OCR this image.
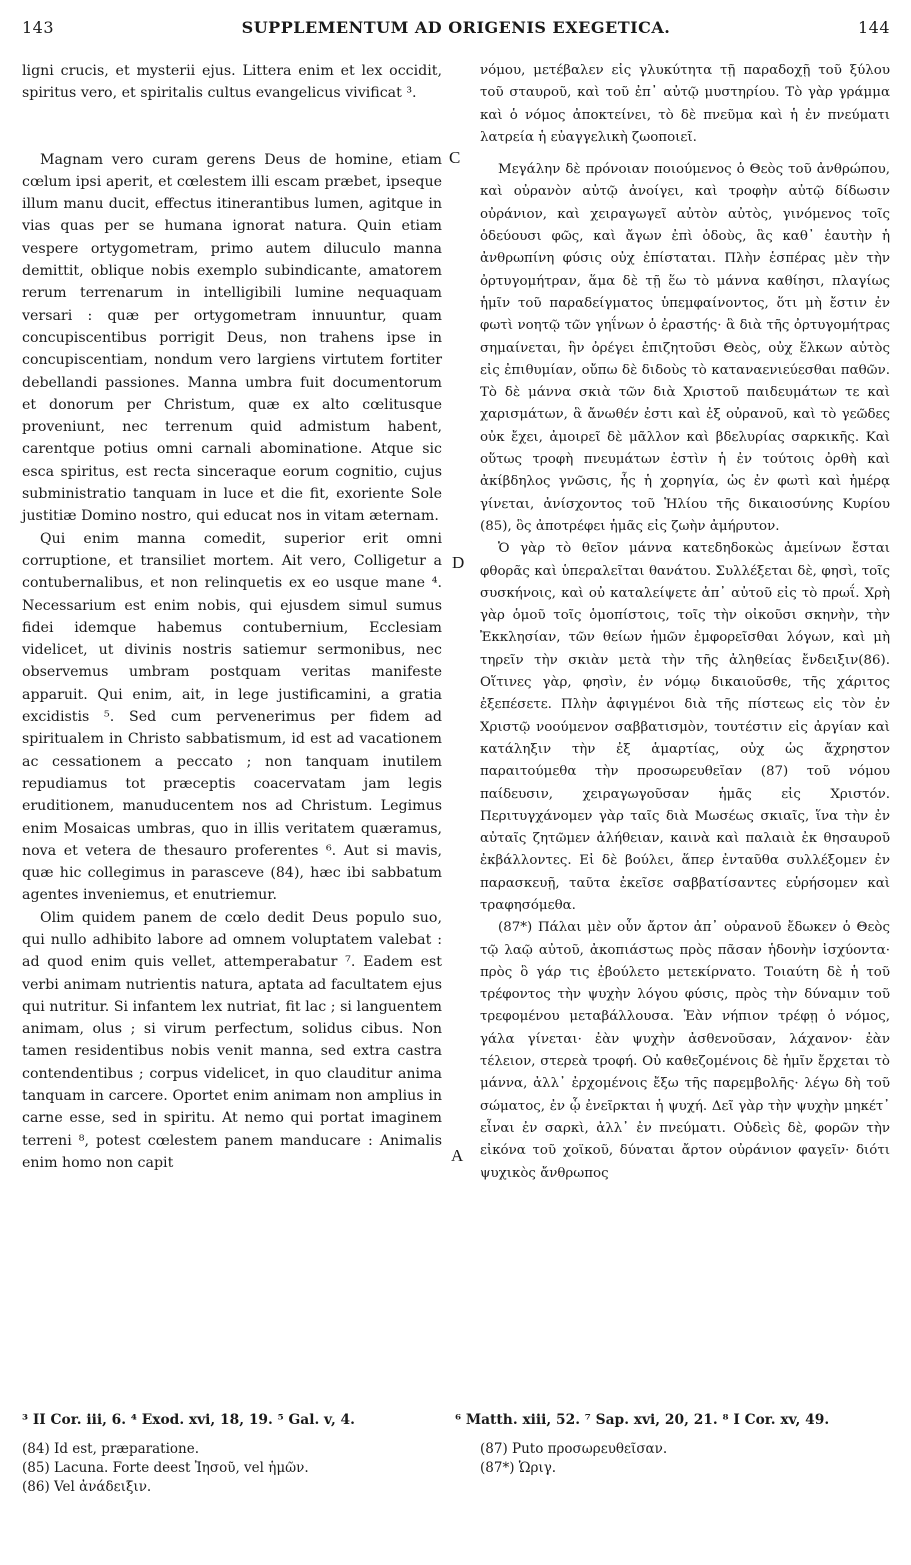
143	SUPPLEMENTUM AD ORIGENIS EXEGETICA.	144

ligni crucis, et mysterii ejus. Littera enim et lex occidit, spiritus vero, et spiritalis cultus evangelicus vivificat ³.

Magnam vero curam gerens Deus de homine, etiam cœlum ipsi aperit, et cœlestem illi escam præbet, ipseque illum manu ducit, effectus itinerantibus lumen, agitque in vias quas per se humana ignorat natura. Quin etiam vespere ortygometram, primo autem diluculo manna demittit, oblique nobis exemplo subindicante, amatorem rerum terrenarum in intelligibili lumine nequaquam versari : quæ per ortygometram innuuntur, quam concupiscentibus porrigit Deus, non trahens ipse in concupiscentiam, nondum vero largiens virtutem fortiter debellandi passiones. Manna umbra fuit documentorum et donorum per Christum, quæ ex alto cœlitusque proveniunt, nec terrenum quid admistum habent, carentque potius omni carnali abominatione. Atque sic esca spiritus, est recta sinceraque eorum cognitio, cujus subministratio tanquam in luce et die fit, exoriente Sole justitiæ Domino nostro, qui educat nos in vitam æternam.

Qui enim manna comedit, superior erit omni corruptione, et transiliet mortem. Ait vero, Colligetur a contubernalibus, et non relinquetis ex eo usque mane ⁴. Necessarium est enim nobis, qui ejusdem simul sumus fidei idemque habemus contubernium, Ecclesiam videlicet, ut divinis nostris satiemur sermonibus, nec observemus umbram postquam veritas manifeste apparuit. Qui enim, ait, in lege justificamini, a gratia excidistis ⁵. Sed cum pervenerimus per fidem ad spiritualem in Christo sabbatismum, id est ad vacationem ac cessationem a peccato ; non tanquam inutilem repudiamus tot præceptis coacervatam jam legis eruditionem, manuducentem nos ad Christum. Legimus enim Mosaicas umbras, quo in illis veritatem quæramus, nova et vetera de thesauro proferentes ⁶. Aut si mavis, quæ hic collegimus in parasceve (84), hæc ibi sabbatum agentes inveniemus, et enutriemur.

Olim quidem panem de cœlo dedit Deus populo suo, qui nullo adhibito labore ad omnem voluptatem valebat : ad quod enim quis vellet, attemperabatur ⁷. Eadem est verbi animam nutrientis natura, aptata ad facultatem ejus qui nutritur. Si infantem lex nutriat, fit lac ; si languentem animam, olus ; si virum perfectum, solidus cibus. Non tamen residentibus nobis venit manna, sed extra castra contendentibus ; corpus videlicet, in quo clauditur anima tanquam in carcere. Oportet enim animam non amplius in carne esse, sed in spiritu. At nemo qui portat imaginem terreni ⁸, potest cœlestem panem manducare : Animalis enim homo non capit

νόμου, μετέβαλεν εἰς γλυκύτητα τῇ παραδοχῇ τοῦ ξύλου τοῦ σταυροῦ, καὶ τοῦ ἐπ᾽ αὐτῷ μυστηρίου. Τὸ γὰρ γράμμα καὶ ὁ νόμος ἀποκτείνει, τὸ δὲ πνεῦμα καὶ ἡ ἐν πνεύματι λατρεία ἡ εὐαγγελικὴ ζωοποιεῖ.

Μεγάλην δὲ πρόνοιαν ποιούμενος ὁ Θεὸς τοῦ ἀνθρώπου, καὶ οὐρανὸν αὐτῷ ἀνοίγει, καὶ τροφὴν αὐτῷ δίδωσιν οὐράνιον, καὶ χειραγωγεῖ αὐτὸν αὐτὸς, γινόμενος τοῖς ὁδεύουσι φῶς, καὶ ἄγων ἐπὶ ὁδοὺς, ἃς καθ᾽ ἑαυτὴν ἡ ἀνθρωπίνη φύσις οὐχ ἐπίσταται. Πλὴν ἑσπέρας μὲν τὴν ὀρτυγομήτραν, ἅμα δὲ τῇ ἕω τὸ μάννα καθίησι, πλαγίως ἡμῖν τοῦ παραδείγματος ὑπεμφαίνοντος, ὅτι μὴ ἔστιν ἐν φωτὶ νοητῷ τῶν γηΐνων ὁ ἐραστής· ἃ διὰ τῆς ὀρτυγομήτρας σημαίνεται, ἣν ὀρέγει ἐπιζητοῦσι Θεὸς, οὐχ ἕλκων αὐτὸς εἰς ἐπιθυμίαν, οὔπω δὲ διδοὺς τὸ καταναενιεύεσθαι παθῶν. Τὸ δὲ μάννα σκιὰ τῶν διὰ Χριστοῦ παιδευμάτων τε καὶ χαρισμάτων, ἃ ἄνωθέν ἐστι καὶ ἐξ οὐρανοῦ, καὶ τὸ γεῶδες οὐκ ἔχει, ἀμοιρεῖ δὲ μᾶλλον καὶ βδελυρίας σαρκικῆς. Καὶ οὕτως τροφὴ πνευμάτων ἐστὶν ἡ ἐν τούτοις ὀρθὴ καὶ ἀκίβδηλος γνῶσις, ἧς ἡ χορηγία, ὡς ἐν φωτὶ καὶ ἡμέρᾳ γίνεται, ἀνίσχοντος τοῦ Ἡλίου τῆς δικαιοσύνης Κυρίου (85), ὃς ἀποτρέφει ἡμᾶς εἰς ζωὴν ἀμήρυτον.

Ὁ γὰρ τὸ θεῖον μάννα κατεδηδοκὼς ἀμείνων ἔσται φθορᾶς καὶ ὑπεραλεῖται θανάτου. Συλλέξεται δὲ, φησὶ, τοῖς συσκήνοις, καὶ οὐ καταλείψετε ἀπ᾽ αὐτοῦ εἰς τὸ πρωΐ. Χρὴ γὰρ ὁμοῦ τοῖς ὁμοπίστοις, τοῖς τὴν οἰκοῦσι σκηνὴν, τὴν Ἐκκλησίαν, τῶν θείων ἡμῶν ἐμφορεῖσθαι λόγων, καὶ μὴ τηρεῖν τὴν σκιὰν μετὰ τὴν τῆς ἀληθείας ἔνδειξιν(86). Οἵτινες γὰρ, φησὶν, ἐν νόμῳ δικαιοῦσθε, τῆς χάριτος ἐξεπέσετε. Πλὴν ἀφιγμένοι διὰ τῆς πίστεως εἰς τὸν ἐν Χριστῷ νοούμενον σαββατισμὸν, τουτέστιν εἰς ἀργίαν καὶ κατάληξιν τὴν ἐξ ἁμαρτίας, οὐχ ὡς ἄχρηστον παραιτούμεθα τὴν προσωρευθεῖαν (87) τοῦ νόμου παίδευσιν, χειραγωγοῦσαν ἡμᾶς εἰς Χριστόν. Περιτυγχάνομεν γὰρ ταῖς διὰ Μωσέως σκιαῖς, ἵνα τὴν ἐν αὐταῖς ζητῶμεν ἀλήθειαν, καινὰ καὶ παλαιὰ ἐκ θησαυροῦ ἐκβάλλοντες. Εἰ δὲ βούλει, ἅπερ ἐνταῦθα συλλέξομεν ἐν παρασκευῇ, ταῦτα ἐκεῖσε σαββατίσαντες εὑρήσομεν καὶ τραφησόμεθα.

(87*) Πάλαι μὲν οὖν ἄρτον ἀπ᾽ οὐρανοῦ ἔδωκεν ὁ Θεὸς τῷ λαῷ αὐτοῦ, ἀκοπιάστως πρὸς πᾶσαν ἡδονὴν ἰσχύοντα· πρὸς ὃ γάρ τις ἐβούλετο μετεκίρνατο. Τοιαύτη δὲ ἡ τοῦ τρέφοντος τὴν ψυχὴν λόγου φύσις, πρὸς τὴν δύναμιν τοῦ τρεφομένου μεταβάλλουσα. Ἐὰν νήπιον τρέφῃ ὁ νόμος, γάλα γίνεται· ἐὰν ψυχὴν ἀσθενοῦσαν, λάχανον· ἐὰν τέλειον, στερεὰ τροφή. Οὐ καθεζομένοις δὲ ἡμῖν ἔρχεται τὸ μάννα, ἀλλ᾽ ἐρχομένοις ἔξω τῆς παρεμβολῆς· λέγω δὴ τοῦ σώματος, ἐν ᾧ ἐνεῖρκται ἡ ψυχή. Δεῖ γὰρ τὴν ψυχὴν μηκέτ᾽ εἶναι ἐν σαρκὶ, ἀλλ᾽ ἐν πνεύματι. Οὐδεὶς δὲ, φορῶν τὴν εἰκόνα τοῦ χοϊκοῦ, δύναται ἄρτον οὐράνιον φαγεῖν· διότι ψυχικὸς ἄνθρωπος

C
D
A
³ II Cor. iii, 6. ⁴ Exod. xvi, 18, 19. ⁵ Gal. v, 4.	⁶ Matth. xiii, 52. ⁷ Sap. xvi, 20, 21. ⁸ I Cor. xv, 49.
(84) Id est, præparatione.
(85) Lacuna. Forte deest Ἰησοῦ, vel ἡμῶν.
(86) Vel ἀνάδειξιν.
(87) Puto προσωρευθεῖσαν.
(87*) Ὡριγ.
